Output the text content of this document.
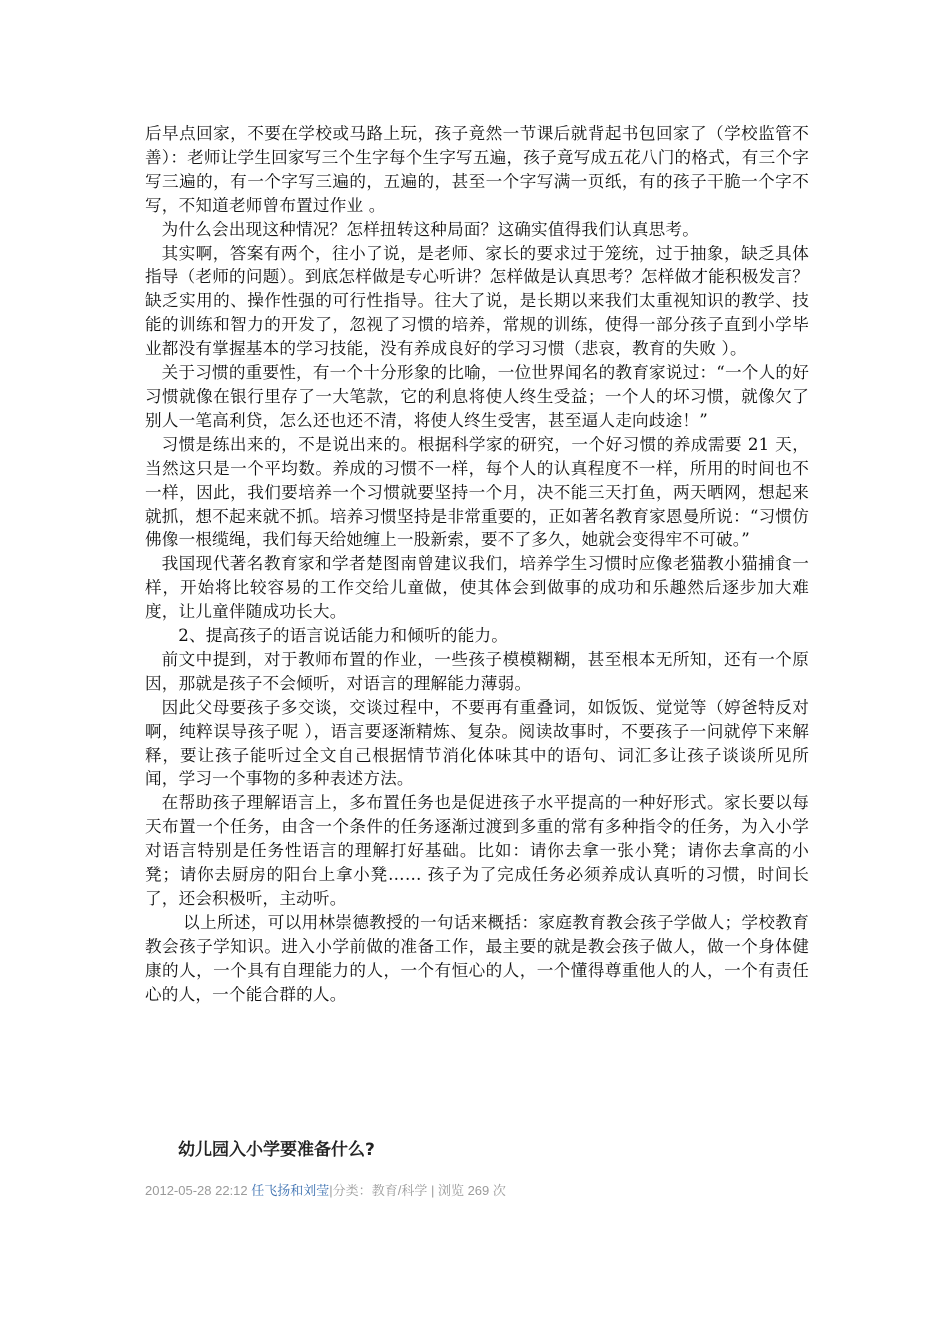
后早点回家，不要在学校或马路上玩，孩子竟然一节课后就背起书包回家了（学校监管不善）：老师让学生回家写三个生字每个生字写五遍，孩子竟写成五花八门的格式，有三个字写三遍的，有一个字写三遍的，五遍的，甚至一个字写满一页纸，有的孩子干脆一个字不写，不知道老师曾布置过作业 。

为什么会出现这种情况？怎样扭转这种局面？这确实值得我们认真思考。

其实啊，答案有两个，往小了说，是老师、家长的要求过于笼统，过于抽象，缺乏具体指导（老师的问题）。到底怎样做是专心听讲？怎样做是认真思考？怎样做才能积极发言？缺乏实用的、操作性强的可行性指导。往大了说，是长期以来我们太重视知识的教学、技能的训练和智力的开发了，忽视了习惯的培养，常规的训练，使得一部分孩子直到小学毕业都没有掌握基本的学习技能，没有养成良好的学习习惯（悲哀，教育的失败 ）。

关于习惯的重要性，有一个十分形象的比喻，一位世界闻名的教育家说过：“一个人的好习惯就像在银行里存了一大笔款，它的利息将使人终生受益；一个人的坏习惯，就像欠了别人一笔高利贷，怎么还也还不清，将使人终生受害，甚至逼人走向歧途！”

习惯是练出来的，不是说出来的。根据科学家的研究，一个好习惯的养成需要 21 天，当然这只是一个平均数。养成的习惯不一样，每个人的认真程度不一样，所用的时间也不一样，因此，我们要培养一个习惯就要坚持一个月，决不能三天打鱼，两天晒网，想起来就抓，想不起来就不抓。培养习惯坚持是非常重要的，正如著名教育家恩曼所说：“习惯仿佛像一根缆绳，我们每天给她缠上一股新索，要不了多久，她就会变得牢不可破。”

我国现代著名教育家和学者楚图南曾建议我们，培养学生习惯时应像老猫教小猫捕食一样，开始将比较容易的工作交给儿童做，使其体会到做事的成功和乐趣然后逐步加大难度，让儿童伴随成功长大。

2、提高孩子的语言说话能力和倾听的能力。

前文中提到，对于教师布置的作业，一些孩子模模糊糊，甚至根本无所知，还有一个原因，那就是孩子不会倾听，对语言的理解能力薄弱。

因此父母要孩子多交谈，交谈过程中，不要再有重叠词，如饭饭、觉觉等（婷爸特反对啊，纯粹误导孩子呢 ），语言要逐渐精炼、复杂。阅读故事时，不要孩子一问就停下来解释，要让孩子能听过全文自己根据情节消化体味其中的语句、词汇多让孩子谈谈所见所闻，学习一个事物的多种表述方法。

在帮助孩子理解语言上，多布置任务也是促进孩子水平提高的一种好形式。家长要以每天布置一个任务，由含一个条件的任务逐渐过渡到多重的常有多种指令的任务，为入小学对语言特别是任务性语言的理解打好基础。比如：请你去拿一张小凳；请你去拿高的小凳；请你去厨房的阳台上拿小凳…… 孩子为了完成任务必须养成认真听的习惯，时间长了，还会积极听，主动听。

以上所述，可以用林崇德教授的一句话来概括：家庭教育教会孩子学做人；学校教育教会孩子学知识。进入小学前做的准备工作，最主要的就是教会孩子做人，做一个身体健康的人，一个具有自理能力的人，一个有恒心的人，一个懂得尊重他人的人，一个有责任心的人，一个能合群的人。

幼儿园入小学要准备什么?
2012-05-28 22:12 任飞扬和刘莹|分类：教育/科学 | 浏览 269 次
